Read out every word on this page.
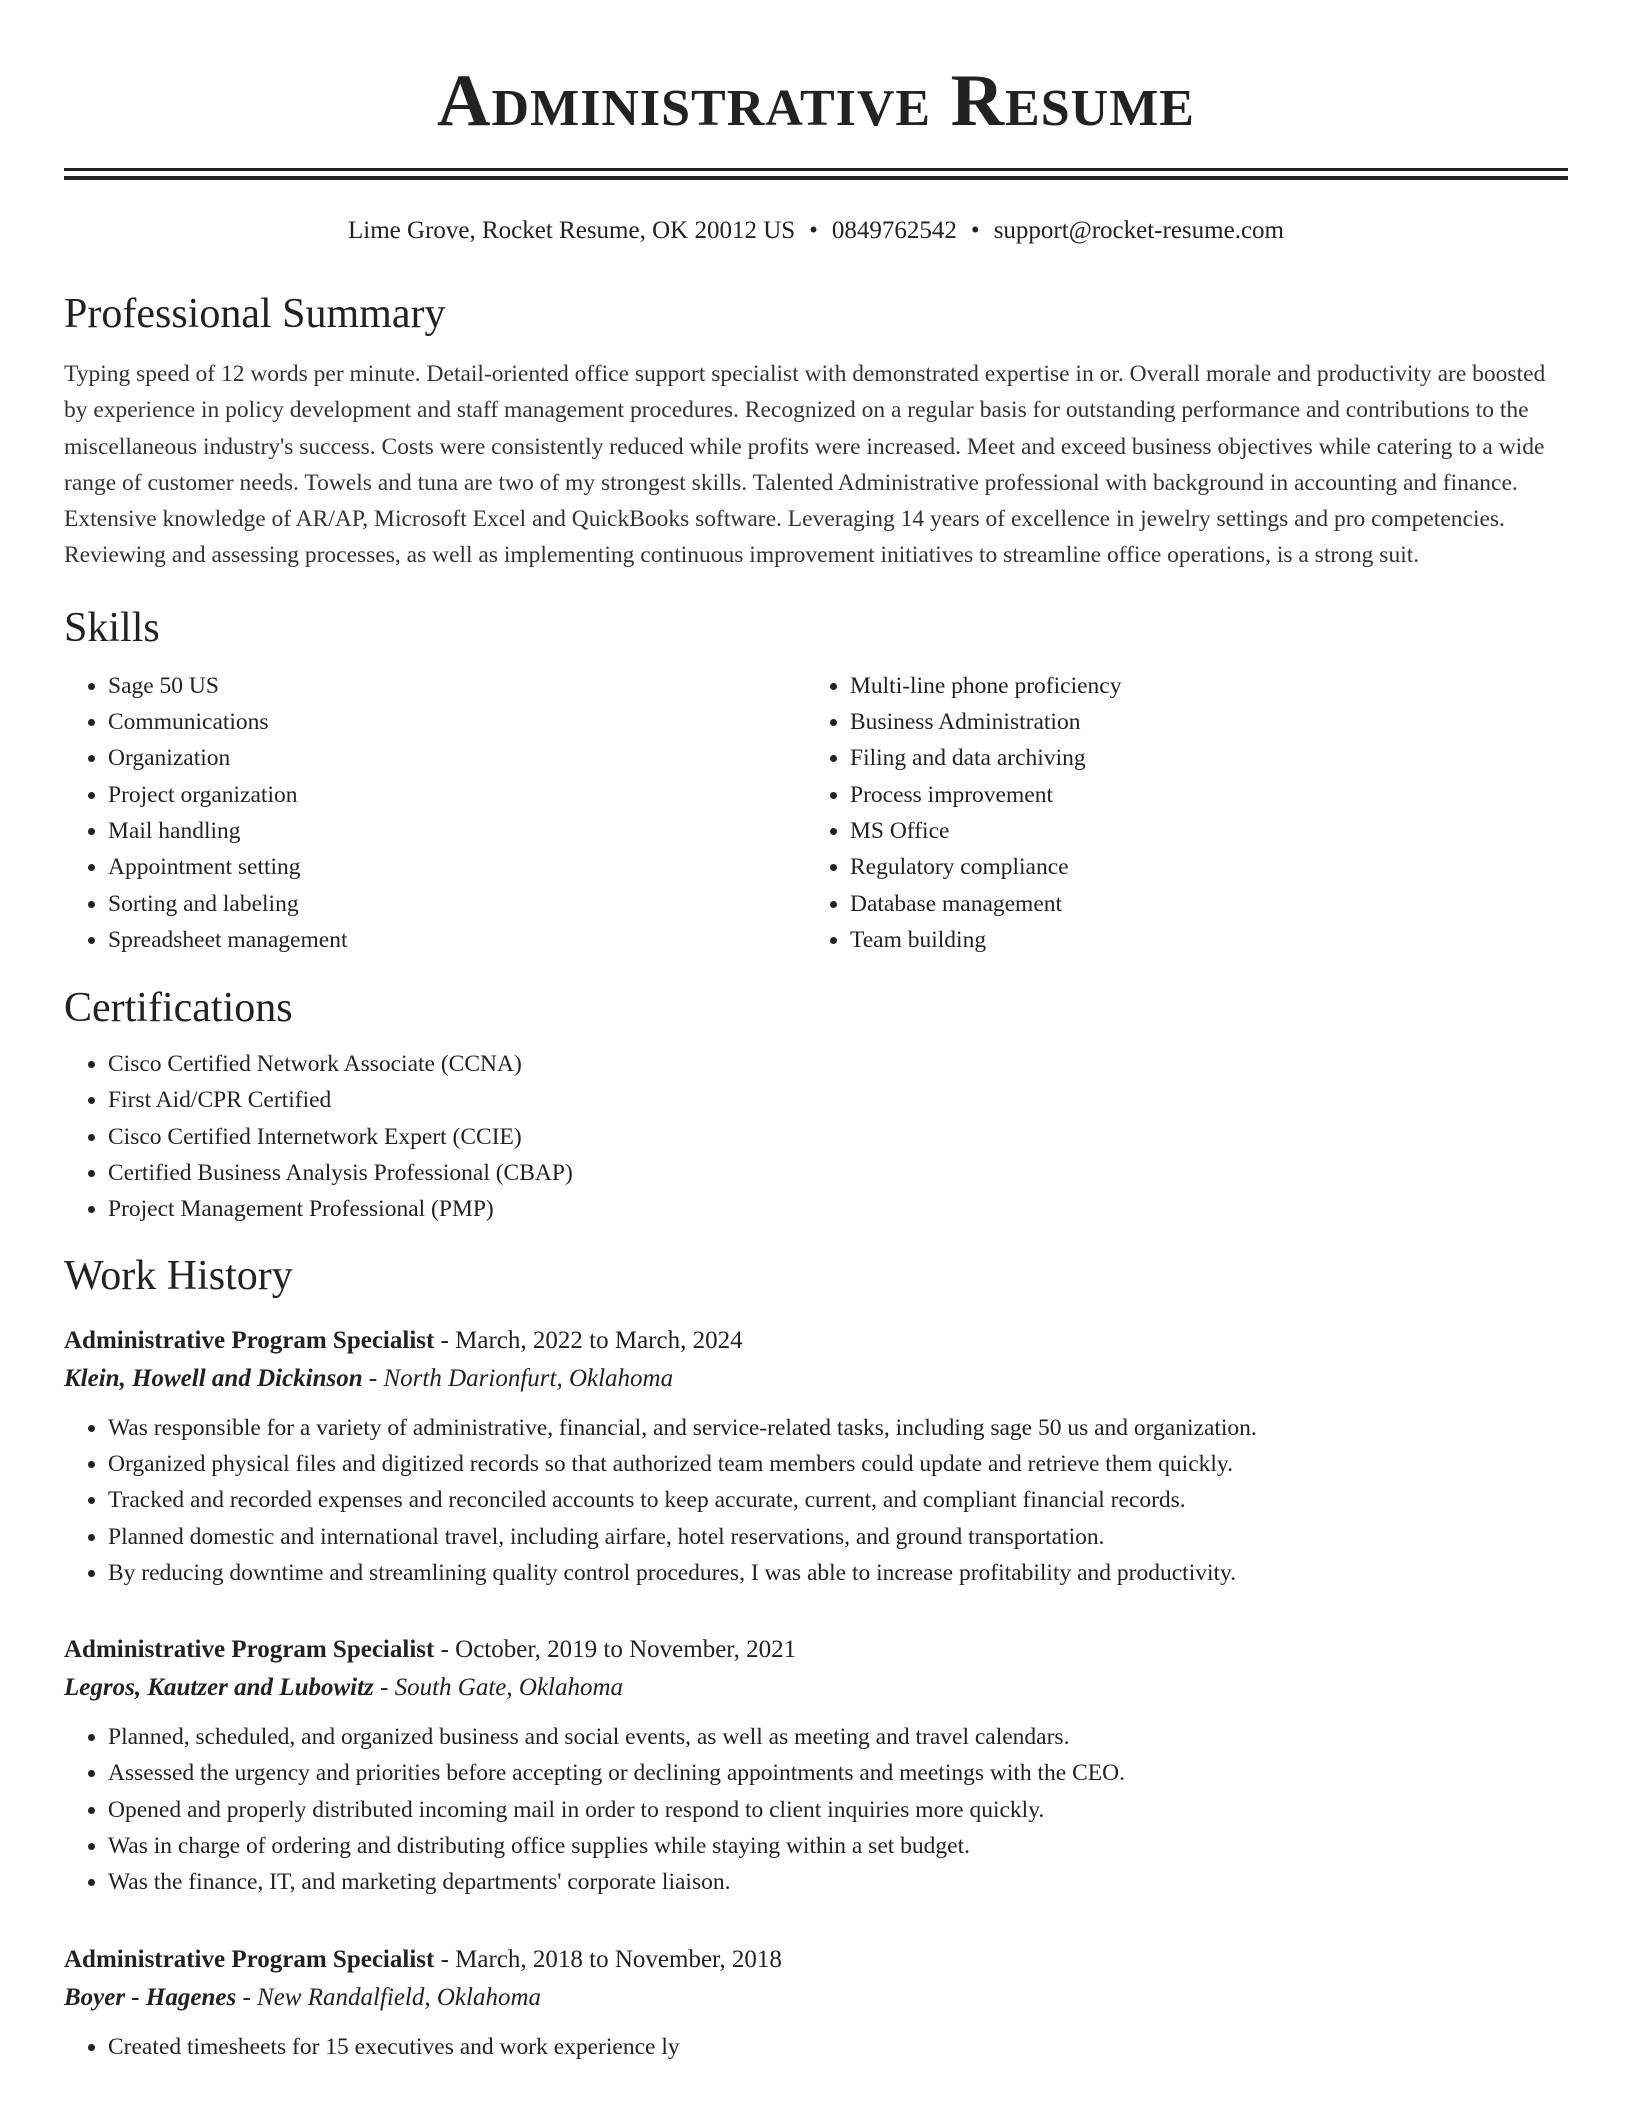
Administrative Resume
Lime Grove, Rocket Resume, OK 20012 US • 0849762542 • support@rocket-resume.com
Professional Summary

Typing speed of 12 words per minute. Detail-oriented office support specialist with demonstrated expertise in or. Overall morale and productivity are boosted by experience in policy development and staff management procedures. Recognized on a regular basis for outstanding performance and contributions to the miscellaneous industry's success. Costs were consistently reduced while profits were increased. Meet and exceed business objectives while catering to a wide range of customer needs. Towels and tuna are two of my strongest skills. Talented Administrative professional with background in accounting and finance. Extensive knowledge of AR/AP, Microsoft Excel and QuickBooks software. Leveraging 14 years of excellence in jewelry settings and pro competencies. Reviewing and assessing processes, as well as implementing continuous improvement initiatives to streamline office operations, is a strong suit.

Skills
• Sage 50 US
• Communications
• Organization
• Project organization
• Mail handling
• Appointment setting
• Sorting and labeling
• Spreadsheet management
• Multi-line phone proficiency
• Business Administration
• Filing and data archiving
• Process improvement
• MS Office
• Regulatory compliance
• Database management
• Team building
Certifications
• Cisco Certified Network Associate (CCNA)
• First Aid/CPR Certified
• Cisco Certified Internetwork Expert (CCIE)
• Certified Business Analysis Professional (CBAP)
• Project Management Professional (PMP)
Work History
Administrative Program Specialist - March, 2022 to March, 2024
Klein, Howell and Dickinson - North Darionfurt, Oklahoma
• Was responsible for a variety of administrative, financial, and service-related tasks, including sage 50 us and organization.
• Organized physical files and digitized records so that authorized team members could update and retrieve them quickly.
• Tracked and recorded expenses and reconciled accounts to keep accurate, current, and compliant financial records.
• Planned domestic and international travel, including airfare, hotel reservations, and ground transportation.
• By reducing downtime and streamlining quality control procedures, I was able to increase profitability and productivity.
Administrative Program Specialist - October, 2019 to November, 2021
Legros, Kautzer and Lubowitz - South Gate, Oklahoma
• Planned, scheduled, and organized business and social events, as well as meeting and travel calendars.
• Assessed the urgency and priorities before accepting or declining appointments and meetings with the CEO.
• Opened and properly distributed incoming mail in order to respond to client inquiries more quickly.
• Was in charge of ordering and distributing office supplies while staying within a set budget.
• Was the finance, IT, and marketing departments' corporate liaison.
Administrative Program Specialist - March, 2018 to November, 2018
Boyer - Hagenes - New Randalfield, Oklahoma
• Created timesheets for 15 executives and work experience ly
